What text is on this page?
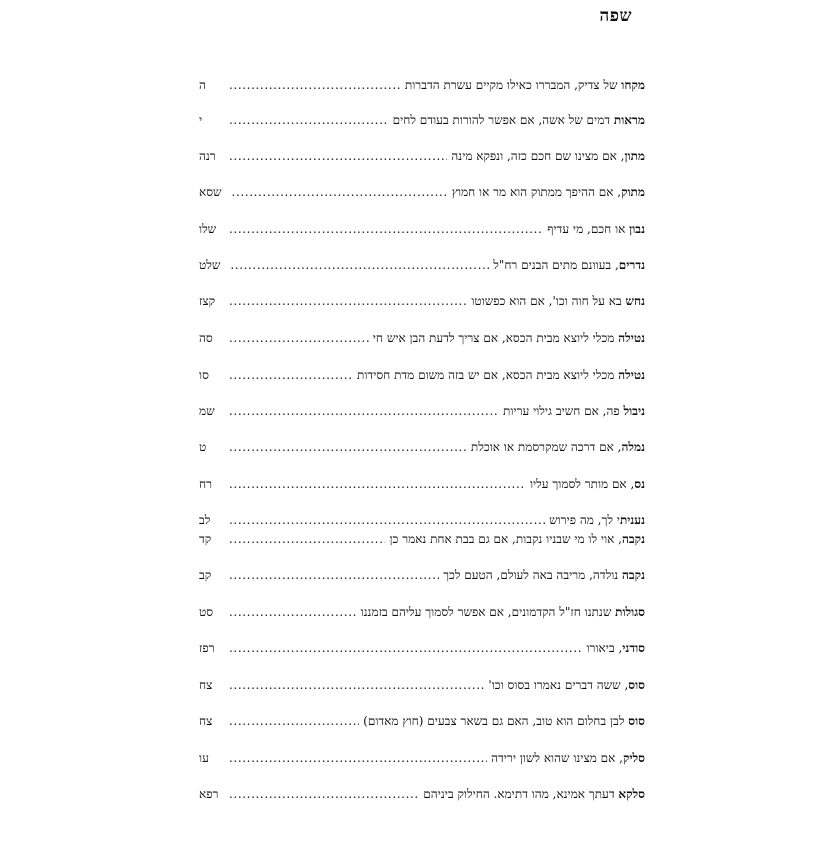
שפה
מקחו של צדיק, המבררו כאילו מקיים עשרת הדברות
.....
ה
מראות דמים של אשה, אם אפשר להורות בעודם לחים
.....
י
מתון, אם מצינו שם חכם כזה, ונפקא מינה
.....
רנה
מתוק, אם ההיפך ממתוק הוא מר או חמוץ
.....
שסא
נבון או חכם, מי עדיף
.....
שלו
נדרים, בעוונם מתים הבנים רח"ל
.....
שלט
נחש בא על חוה וכו', אם הוא כפשוטו
.....
קצז
נטילה מכלי ליוצא מבית הכסא, אם צריך לדעת הבן איש חי
.....
סה
נטילה מכלי ליוצא מבית הכסא, אם יש בזה משום מדת חסידות
.....
סו
ניבול פה, אם חשיב גילוי עריות
.....
שמ
נמלה, אם דרכה שמקרסמת או אוכלת
.....
ט
נס, אם מותר לסמוך עליו
.....
רח
נעניתי לך, מה פירוש
.....
לב
נקבה, אוי לו מי שבניו נקבות, אם גם בבת אחת נאמר כן
.....
קד
נקבה נולדה, מריבה באה לעולם, הטעם לכך
.....
קב
סגולות שנתנו חז"ל הקדמונים, אם אפשר לסמוך עליהם בזמננו
.....
סט
סודני, ביאורו
.....
רפז
סוס, ששה דברים נאמרו בסוס וכו'
.....
צח
סוס לבן בחלום הוא טוב, האם גם בשאר צבעים (חוץ מאדום)
.....
צח
סליק, אם מצינו שהוא לשון ירידה
.....
עו
סלקא דעתך אמינא, מהו דתימא. החילוק ביניהם
.....
רפא
